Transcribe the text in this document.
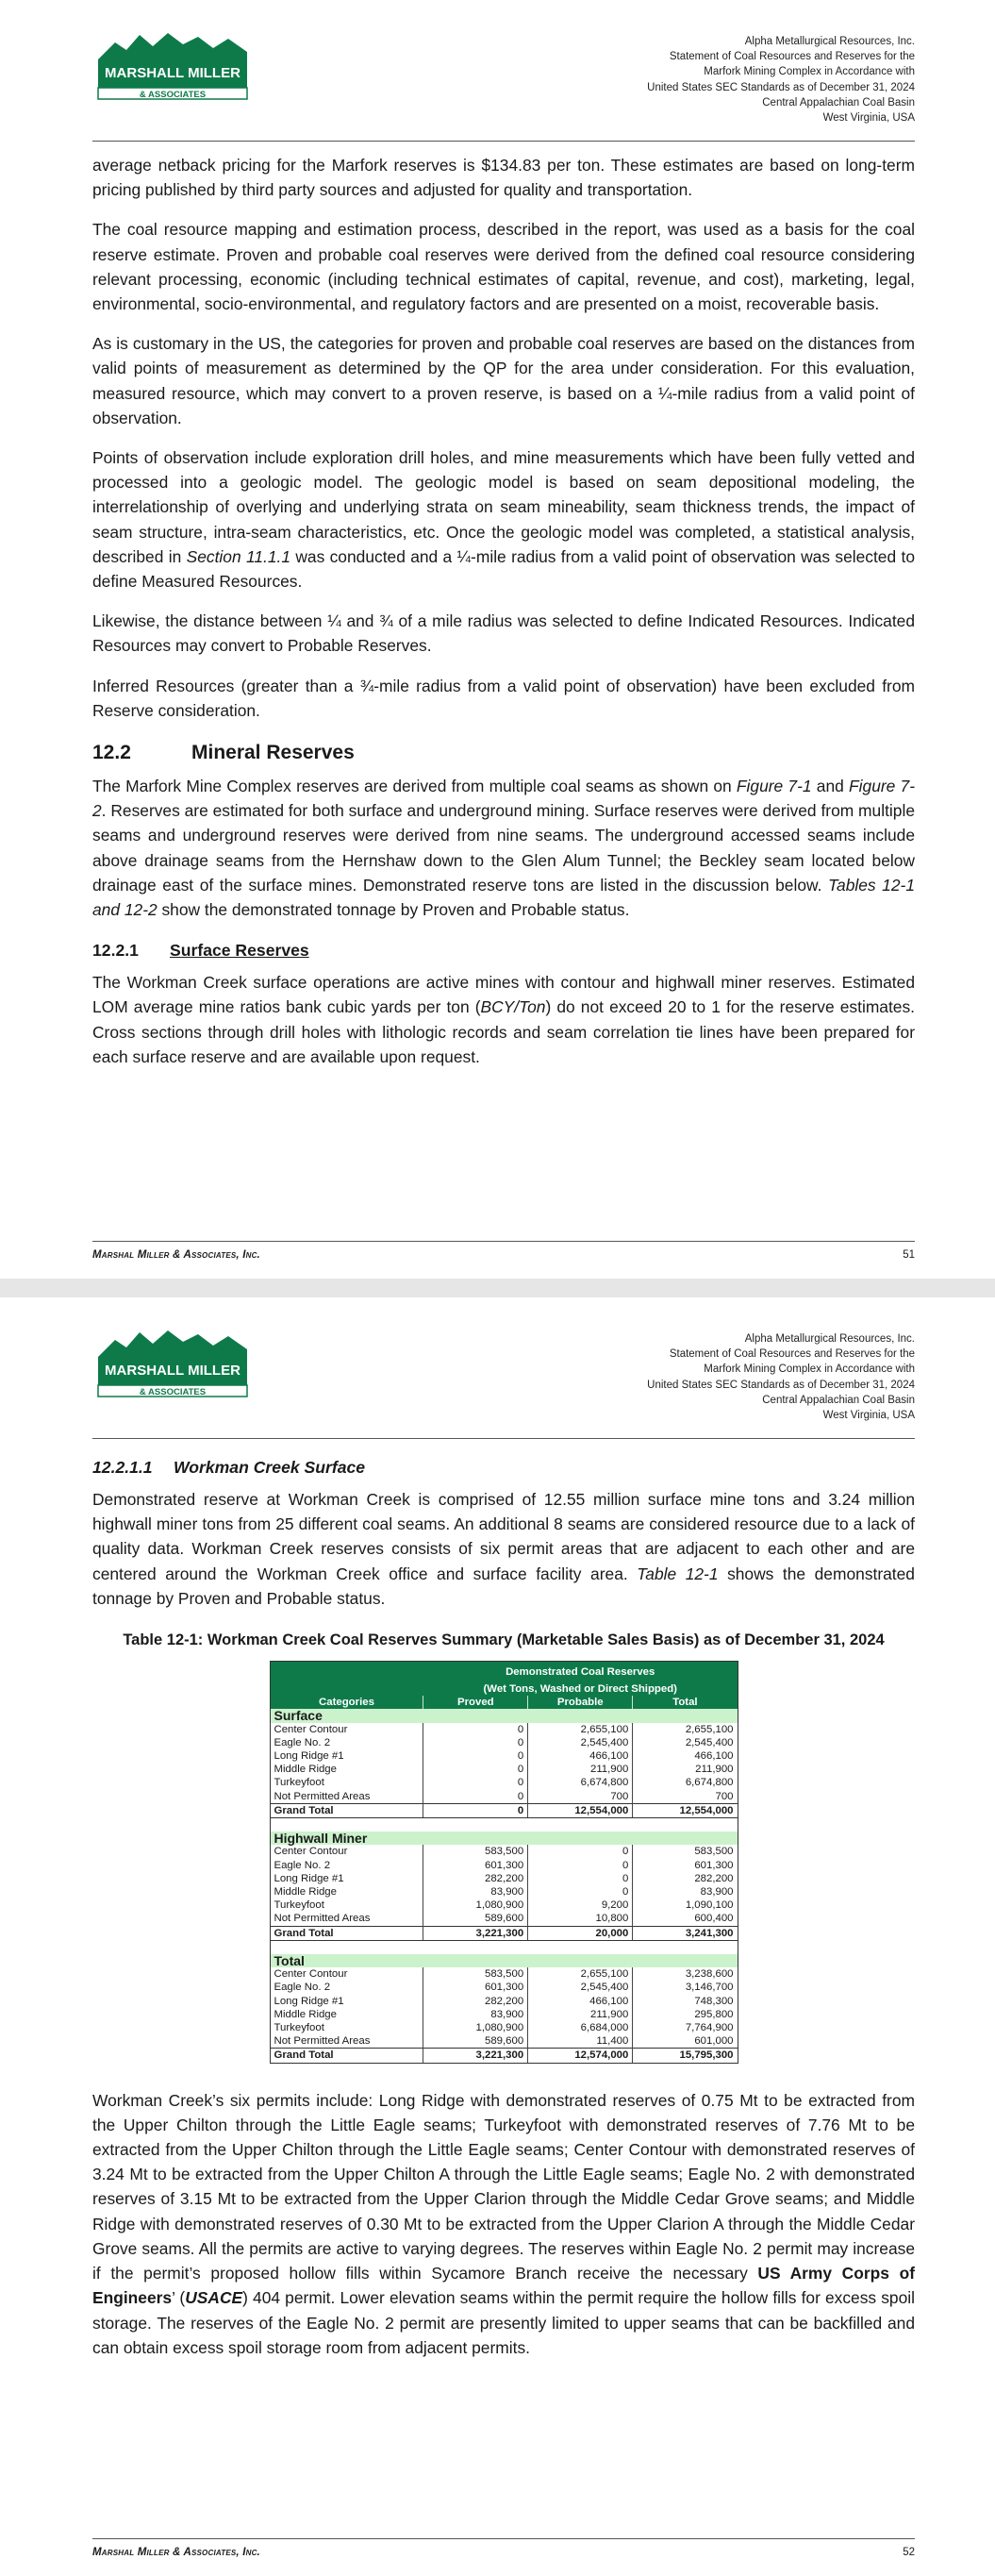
MARSHALL MILLER
& ASSOCIATES
Alpha Metallurgical Resources, Inc.
Statement of Coal Resources and Reserves for the
Marfork Mining Complex in Accordance with
United States SEC Standards as of December 31, 2024
Central Appalachian Coal Basin
West Virginia, USA

average netback pricing for the Marfork reserves is $134.83 per ton. These estimates are based on long-term pricing published by third party sources and adjusted for quality and transportation.

The coal resource mapping and estimation process, described in the report, was used as a basis for the coal reserve estimate. Proven and probable coal reserves were derived from the defined coal resource considering relevant processing, economic (including technical estimates of capital, revenue, and cost), marketing, legal, environmental, socio-environmental, and regulatory factors and are presented on a moist, recoverable basis.

As is customary in the US, the categories for proven and probable coal reserves are based on the distances from valid points of measurement as determined by the QP for the area under consideration. For this evaluation, measured resource, which may convert to a proven reserve, is based on a ¼-mile radius from a valid point of observation.

Points of observation include exploration drill holes, and mine measurements which have been fully vetted and processed into a geologic model. The geologic model is based on seam depositional modeling, the interrelationship of overlying and underlying strata on seam mineability, seam thickness trends, the impact of seam structure, intra-seam characteristics, etc. Once the geologic model was completed, a statistical analysis, described in Section 11.1.1 was conducted and a ¼-mile radius from a valid point of observation was selected to define Measured Resources.

Likewise, the distance between ¼ and ¾ of a mile radius was selected to define Indicated Resources. Indicated Resources may convert to Probable Reserves.

Inferred Resources (greater than a ¾-mile radius from a valid point of observation) have been excluded from Reserve consideration.

12.2	Mineral Reserves

The Marfork Mine Complex reserves are derived from multiple coal seams as shown on Figure 7-1 and Figure 7-2. Reserves are estimated for both surface and underground mining. Surface reserves were derived from multiple seams and underground reserves were derived from nine seams. The underground accessed seams include above drainage seams from the Hernshaw down to the Glen Alum Tunnel; the Beckley seam located below drainage east of the surface mines. Demonstrated reserve tons are listed in the discussion below. Tables 12-1 and 12-2 show the demonstrated tonnage by Proven and Probable status.

12.2.1	Surface Reserves

The Workman Creek surface operations are active mines with contour and highwall miner reserves. Estimated LOM average mine ratios bank cubic yards per ton (BCY/Ton) do not exceed 20 to 1 for the reserve estimates. Cross sections through drill holes with lithologic records and seam correlation tie lines have been prepared for each surface reserve and are available upon request.

Marshal Miller & Associates, Inc.	51
MARSHALL MILLER
& ASSOCIATES
Alpha Metallurgical Resources, Inc.
Statement of Coal Resources and Reserves for the
Marfork Mining Complex in Accordance with
United States SEC Standards as of December 31, 2024
Central Appalachian Coal Basin
West Virginia, USA
12.2.1.1	Workman Creek Surface

Demonstrated reserve at Workman Creek is comprised of 12.55 million surface mine tons and 3.24 million highwall miner tons from 25 different coal seams. An additional 8 seams are considered resource due to a lack of quality data. Workman Creek reserves consists of six permit areas that are adjacent to each other and are centered around the Workman Creek office and surface facility area. Table 12-1 shows the demonstrated tonnage by Proven and Probable status.

Table 12-1: Workman Creek Coal Reserves Summary (Marketable Sales Basis) as of December 31, 2024
Categories	Demonstrated Coal Reserves		
	(Wet Tons, Washed or Direct Shipped)		
	Proved	Probable	Total
Surface			
Center Contour	0	2,655,100	2,655,100
Eagle No. 2	0	2,545,400	2,545,400
Long Ridge #1	0	466,100	466,100
Middle Ridge	0	211,900	211,900
Turkeyfoot	0	6,674,800	6,674,800
Not Permitted Areas	0	700	700
Grand Total	0	12,554,000	12,554,000

Highwall Miner			
Center Contour	583,500	0	583,500
Eagle No. 2	601,300	0	601,300
Long Ridge #1	282,200	0	282,200
Middle Ridge	83,900	0	83,900
Turkeyfoot	1,080,900	9,200	1,090,100
Not Permitted Areas	589,600	10,800	600,400
Grand Total	3,221,300	20,000	3,241,300

Total			
Center Contour	583,500	2,655,100	3,238,600
Eagle No. 2	601,300	2,545,400	3,146,700
Long Ridge #1	282,200	466,100	748,300
Middle Ridge	83,900	211,900	295,800
Turkeyfoot	1,080,900	6,684,000	7,764,900
Not Permitted Areas	589,600	11,400	601,000
Grand Total	3,221,300	12,574,000	15,795,300

Workman Creek’s six permits include: Long Ridge with demonstrated reserves of 0.75 Mt to be extracted from the Upper Chilton through the Little Eagle seams; Turkeyfoot with demonstrated reserves of 7.76 Mt to be extracted from the Upper Chilton through the Little Eagle seams; Center Contour with demonstrated reserves of 3.24 Mt to be extracted from the Upper Chilton A through the Little Eagle seams; Eagle No. 2 with demonstrated reserves of 3.15 Mt to be extracted from the Upper Clarion through the Middle Cedar Grove seams; and Middle Ridge with demonstrated reserves of 0.30 Mt to be extracted from the Upper Clarion A through the Middle Cedar Grove seams. All the permits are active to varying degrees. The reserves within Eagle No. 2 permit may increase if the permit’s proposed hollow fills within Sycamore Branch receive the necessary US Army Corps of Engineers’ (USACE) 404 permit. Lower elevation seams within the permit require the hollow fills for excess spoil storage. The reserves of the Eagle No. 2 permit are presently limited to upper seams that can be backfilled and can obtain excess spoil storage room from adjacent permits.

Marshal Miller & Associates, Inc.	52
